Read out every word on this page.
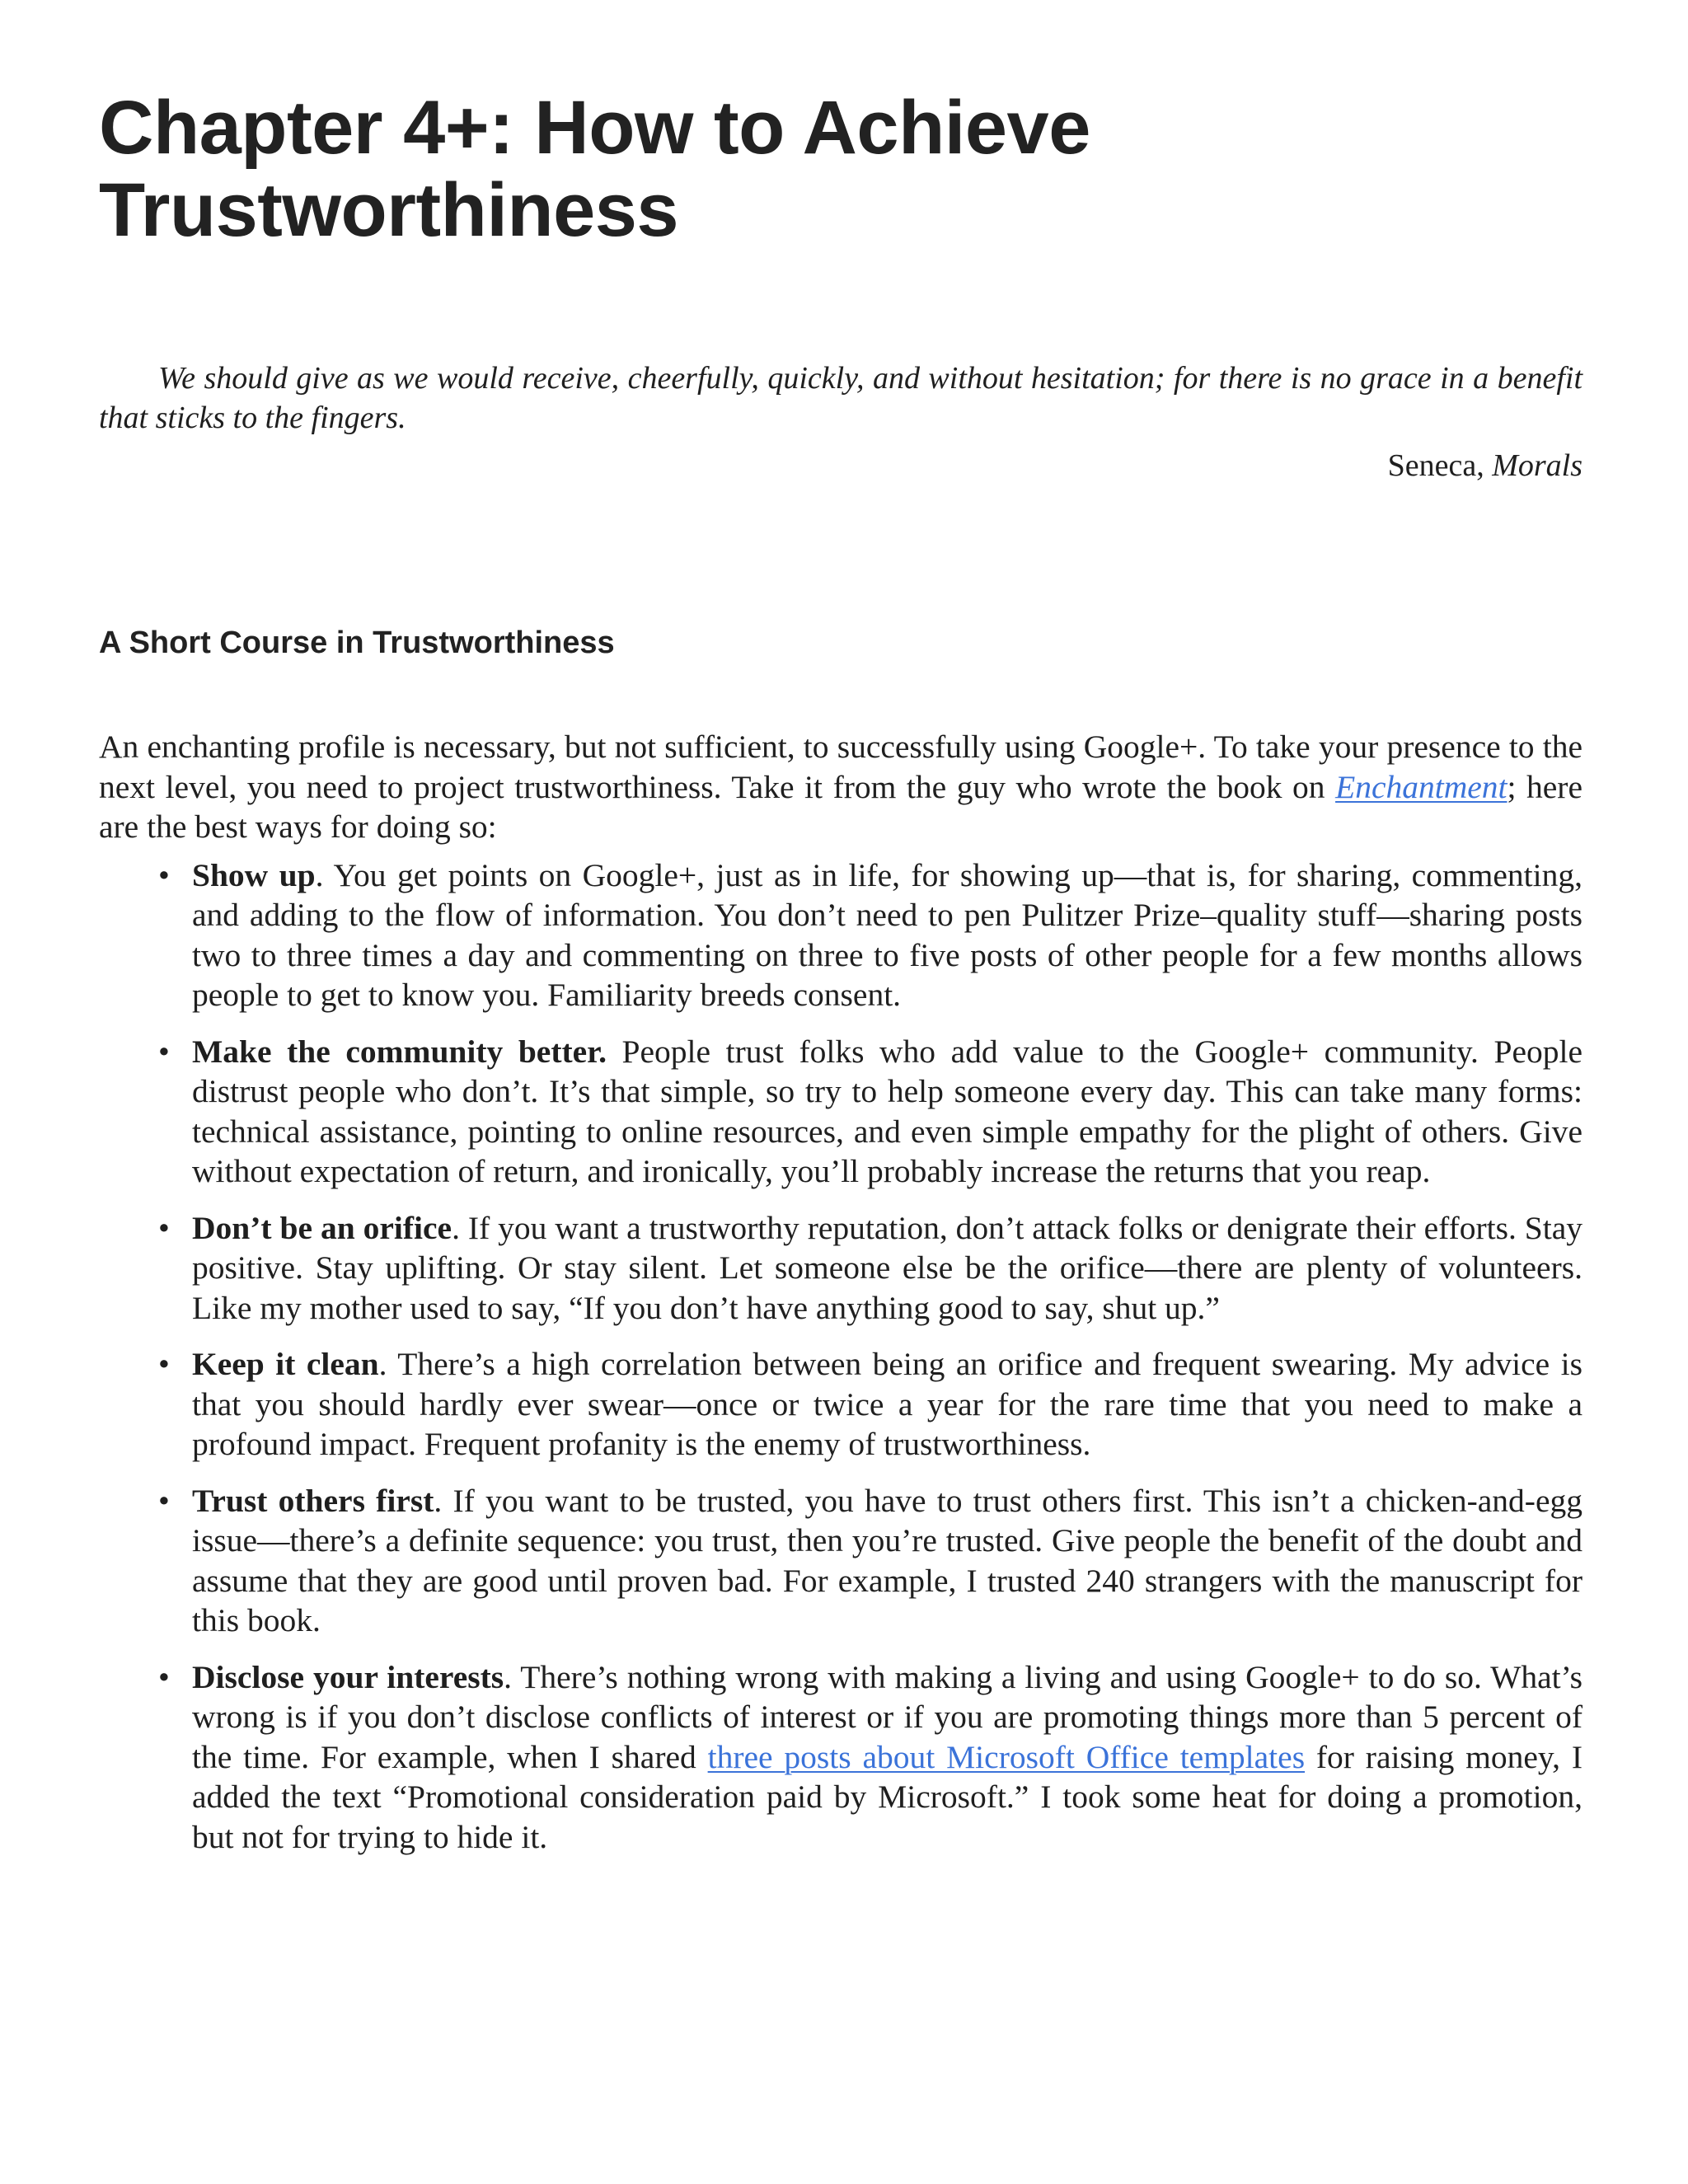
Chapter 4+: How to Achieve
Trustworthiness

We should give as we would receive, cheerfully, quickly, and without hesitation; for there is no grace in a benefit that sticks to the fingers.

Seneca, Morals

A Short Course in Trustworthiness

An enchanting profile is necessary, but not sufficient, to successfully using Google+. To take your presence to the next level, you need to project trustworthiness. Take it from the guy who wrote the book on Enchantment; here are the best ways for doing so:

• Show up. You get points on Google+, just as in life, for showing up—that is, for sharing, commenting, and adding to the flow of information. You don’t need to pen Pulitzer Prize–quality stuff—sharing posts two to three times a day and commenting on three to five posts of other people for a few months allows people to get to know you. Familiarity breeds consent.
• Make the community better. People trust folks who add value to the Google+ community. People distrust people who don’t. It’s that simple, so try to help someone every day. This can take many forms: technical assistance, pointing to online resources, and even simple empathy for the plight of others. Give without expectation of return, and ironically, you’ll probably increase the returns that you reap.
• Don’t be an orifice. If you want a trustworthy reputation, don’t attack folks or denigrate their efforts. Stay positive. Stay uplifting. Or stay silent. Let someone else be the orifice—there are plenty of volunteers. Like my mother used to say, “If you don’t have anything good to say, shut up.”
• Keep it clean. There’s a high correlation between being an orifice and frequent swearing. My advice is that you should hardly ever swear—once or twice a year for the rare time that you need to make a profound impact. Frequent profanity is the enemy of trustworthiness.
• Trust others first. If you want to be trusted, you have to trust others first. This isn’t a chicken-and-egg issue—there’s a definite sequence: you trust, then you’re trusted. Give people the benefit of the doubt and assume that they are good until proven bad. For example, I trusted 240 strangers with the manuscript for this book.
• Disclose your interests. There’s nothing wrong with making a living and using Google+ to do so. What’s wrong is if you don’t disclose conflicts of interest or if you are promoting things more than 5 percent of the time. For example, when I shared three posts about Microsoft Office templates for raising money, I added the text “Promotional consideration paid by Microsoft.” I took some heat for doing a promotion, but not for trying to hide it.
